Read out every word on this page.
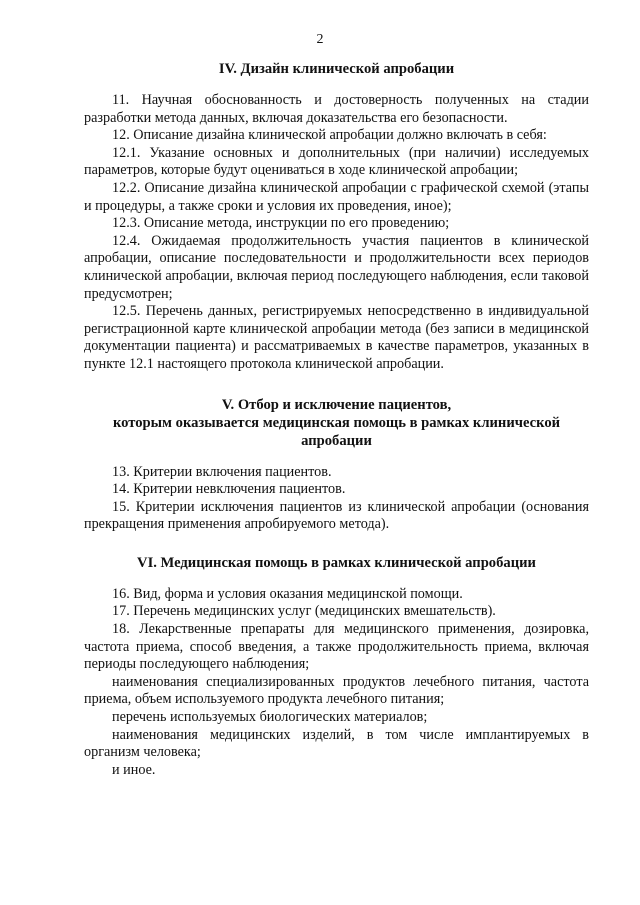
2
IV. Дизайн клинической апробации

11. Научная обоснованность и достоверность полученных на стадии разработки метода данных, включая доказательства его безопасности.

12. Описание дизайна клинической апробации должно включать в себя:

12.1. Указание основных и дополнительных (при наличии) исследуемых параметров, которые будут оцениваться в ходе клинической апробации;

12.2. Описание дизайна клинической апробации с графической схемой (этапы и процедуры, а также сроки и условия их проведения, иное);

12.3. Описание метода, инструкции по его проведению;

12.4. Ожидаемая продолжительность участия пациентов в клинической апробации, описание последовательности и продолжительности всех периодов клинической апробации, включая период последующего наблюдения, если таковой предусмотрен;

12.5. Перечень данных, регистрируемых непосредственно в индивидуальной регистрационной карте клинической апробации метода (без записи в медицинской документации пациента) и рассматриваемых в качестве параметров, указанных в пункте 12.1 настоящего протокола клинической апробации.

V. Отбор и исключение пациентов,
которым оказывается медицинская помощь в рамках клинической
апробации

13. Критерии включения пациентов.

14. Критерии невключения пациентов.

15. Критерии исключения пациентов из клинической апробации (основания прекращения применения апробируемого метода).

VI. Медицинская помощь в рамках клинической апробации

16. Вид, форма и условия оказания медицинской помощи.

17. Перечень медицинских услуг (медицинских вмешательств).

18. Лекарственные препараты для медицинского применения, дозировка, частота приема, способ введения, а также продолжительность приема, включая периоды последующего наблюдения;

наименования специализированных продуктов лечебного питания, частота приема, объем используемого продукта лечебного питания;

перечень используемых биологических материалов;

наименования медицинских изделий, в том числе имплантируемых в организм человека;

и иное.
